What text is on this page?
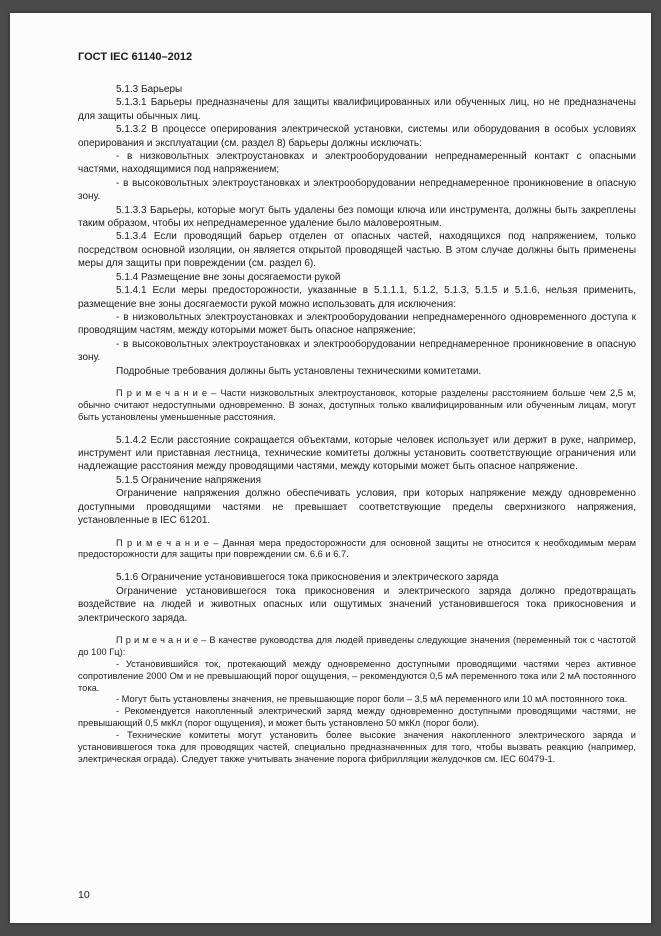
ГОСТ IEC 61140–2012

5.1.3 Барьеры

5.1.3.1 Барьеры предназначены для защиты квалифицированных или обученных лиц, но не предназначены для защиты обычных лиц.

5.1.3.2 В процессе оперирования электрической установки, системы или оборудования в особых условиях оперирования и эксплуатации (см. раздел 8) барьеры должны исключать:

- в низковольтных электроустановках и электрооборудовании непреднамеренный контакт с опасными частями, находящимися под напряжением;

- в высоковольтных электроустановках и электрооборудовании непреднамеренное проникновение в опасную зону.

5.1.3.3 Барьеры, которые могут быть удалены без помощи ключа или инструмента, должны быть закреплены таким образом, чтобы их непреднамеренное удаление было маловероятным.

5.1.3.4 Если проводящий барьер отделен от опасных частей, находящихся под напряжением, только посредством основной изоляции, он является открытой проводящей частью. В этом случае должны быть применены меры для защиты при повреждении (см. раздел 6).

5.1.4 Размещение вне зоны досягаемости рукой

5.1.4.1 Если меры предосторожности, указанные в 5.1.1.1, 5.1.2, 5.1.3, 5.1.5 и 5.1.6, нельзя применить, размещение вне зоны досягаемости рукой можно использовать для исключения:

- в низковольтных электроустановках и электрооборудовании непреднамеренного одновременного доступа к проводящим частям, между которыми может быть опасное напряжение;

- в высоковольтных электроустановках и электрооборудовании непреднамеренное проникновение в опасную зону.

Подробные требования должны быть установлены техническими комитетами.

П р и м е ч а н и е – Части низковольтных электроустановок, которые разделены расстоянием больше чем 2,5 м, обычно считают недоступными одновременно. В зонах, доступных только квалифицированным или обученным лицам, могут быть установлены уменьшенные расстояния.

5.1.4.2 Если расстояние сокращается объектами, которые человек использует или держит в руке, например, инструмент или приставная лестница, технические комитеты должны установить соответствующие ограничения или надлежащие расстояния между проводящими частями, между которыми может быть опасное напряжение.

5.1.5 Ограничение напряжения

Ограничение напряжения должно обеспечивать условия, при которых напряжение между одновременно доступными проводящими частями не превышает соответствующие пределы сверхнизкого напряжения, установленные в IEC 61201.

П р и м е ч а н и е – Данная мера предосторожности для основной защиты не относится к необходимым мерам предосторожности для защиты при повреждении см. 6.6 и 6.7.

5.1.6 Ограничение установившегося тока прикосновения и электрического заряда

Ограничение установившегося тока прикосновения и электрического заряда должно предотвращать воздействие на людей и животных опасных или ощутимых значений установившегося тока прикосновения и электрического заряда.

П р и м е ч а н и е – В качестве руководства для людей приведены следующие значения (переменный ток с частотой до 100 Гц):

- Установившийся ток, протекающий между одновременно доступными проводящими частями через активное сопротивление 2000 Ом и не превышающий порог ощущения, – рекомендуются 0,5 мА переменного тока или 2 мА постоянного тока.

- Могут быть установлены значения, не превышающие порог боли – 3,5 мА переменного или 10 мА постоянного тока.

- Рекомендуется накопленный электрический заряд между одновременно доступными проводящими частями, не превышающий 0,5 мкКл (порог ощущения), и может быть установлено 50 мкКл (порог боли).

- Технические комитеты могут установить более высокие значения накопленного электрического заряда и установившегося тока для проводящих частей, специально предназначенных для того, чтобы вызвать реакцию (например, электрическая ограда). Следует также учитывать значение порога фибрилляции желудочков см. IEC 60479-1.

10
